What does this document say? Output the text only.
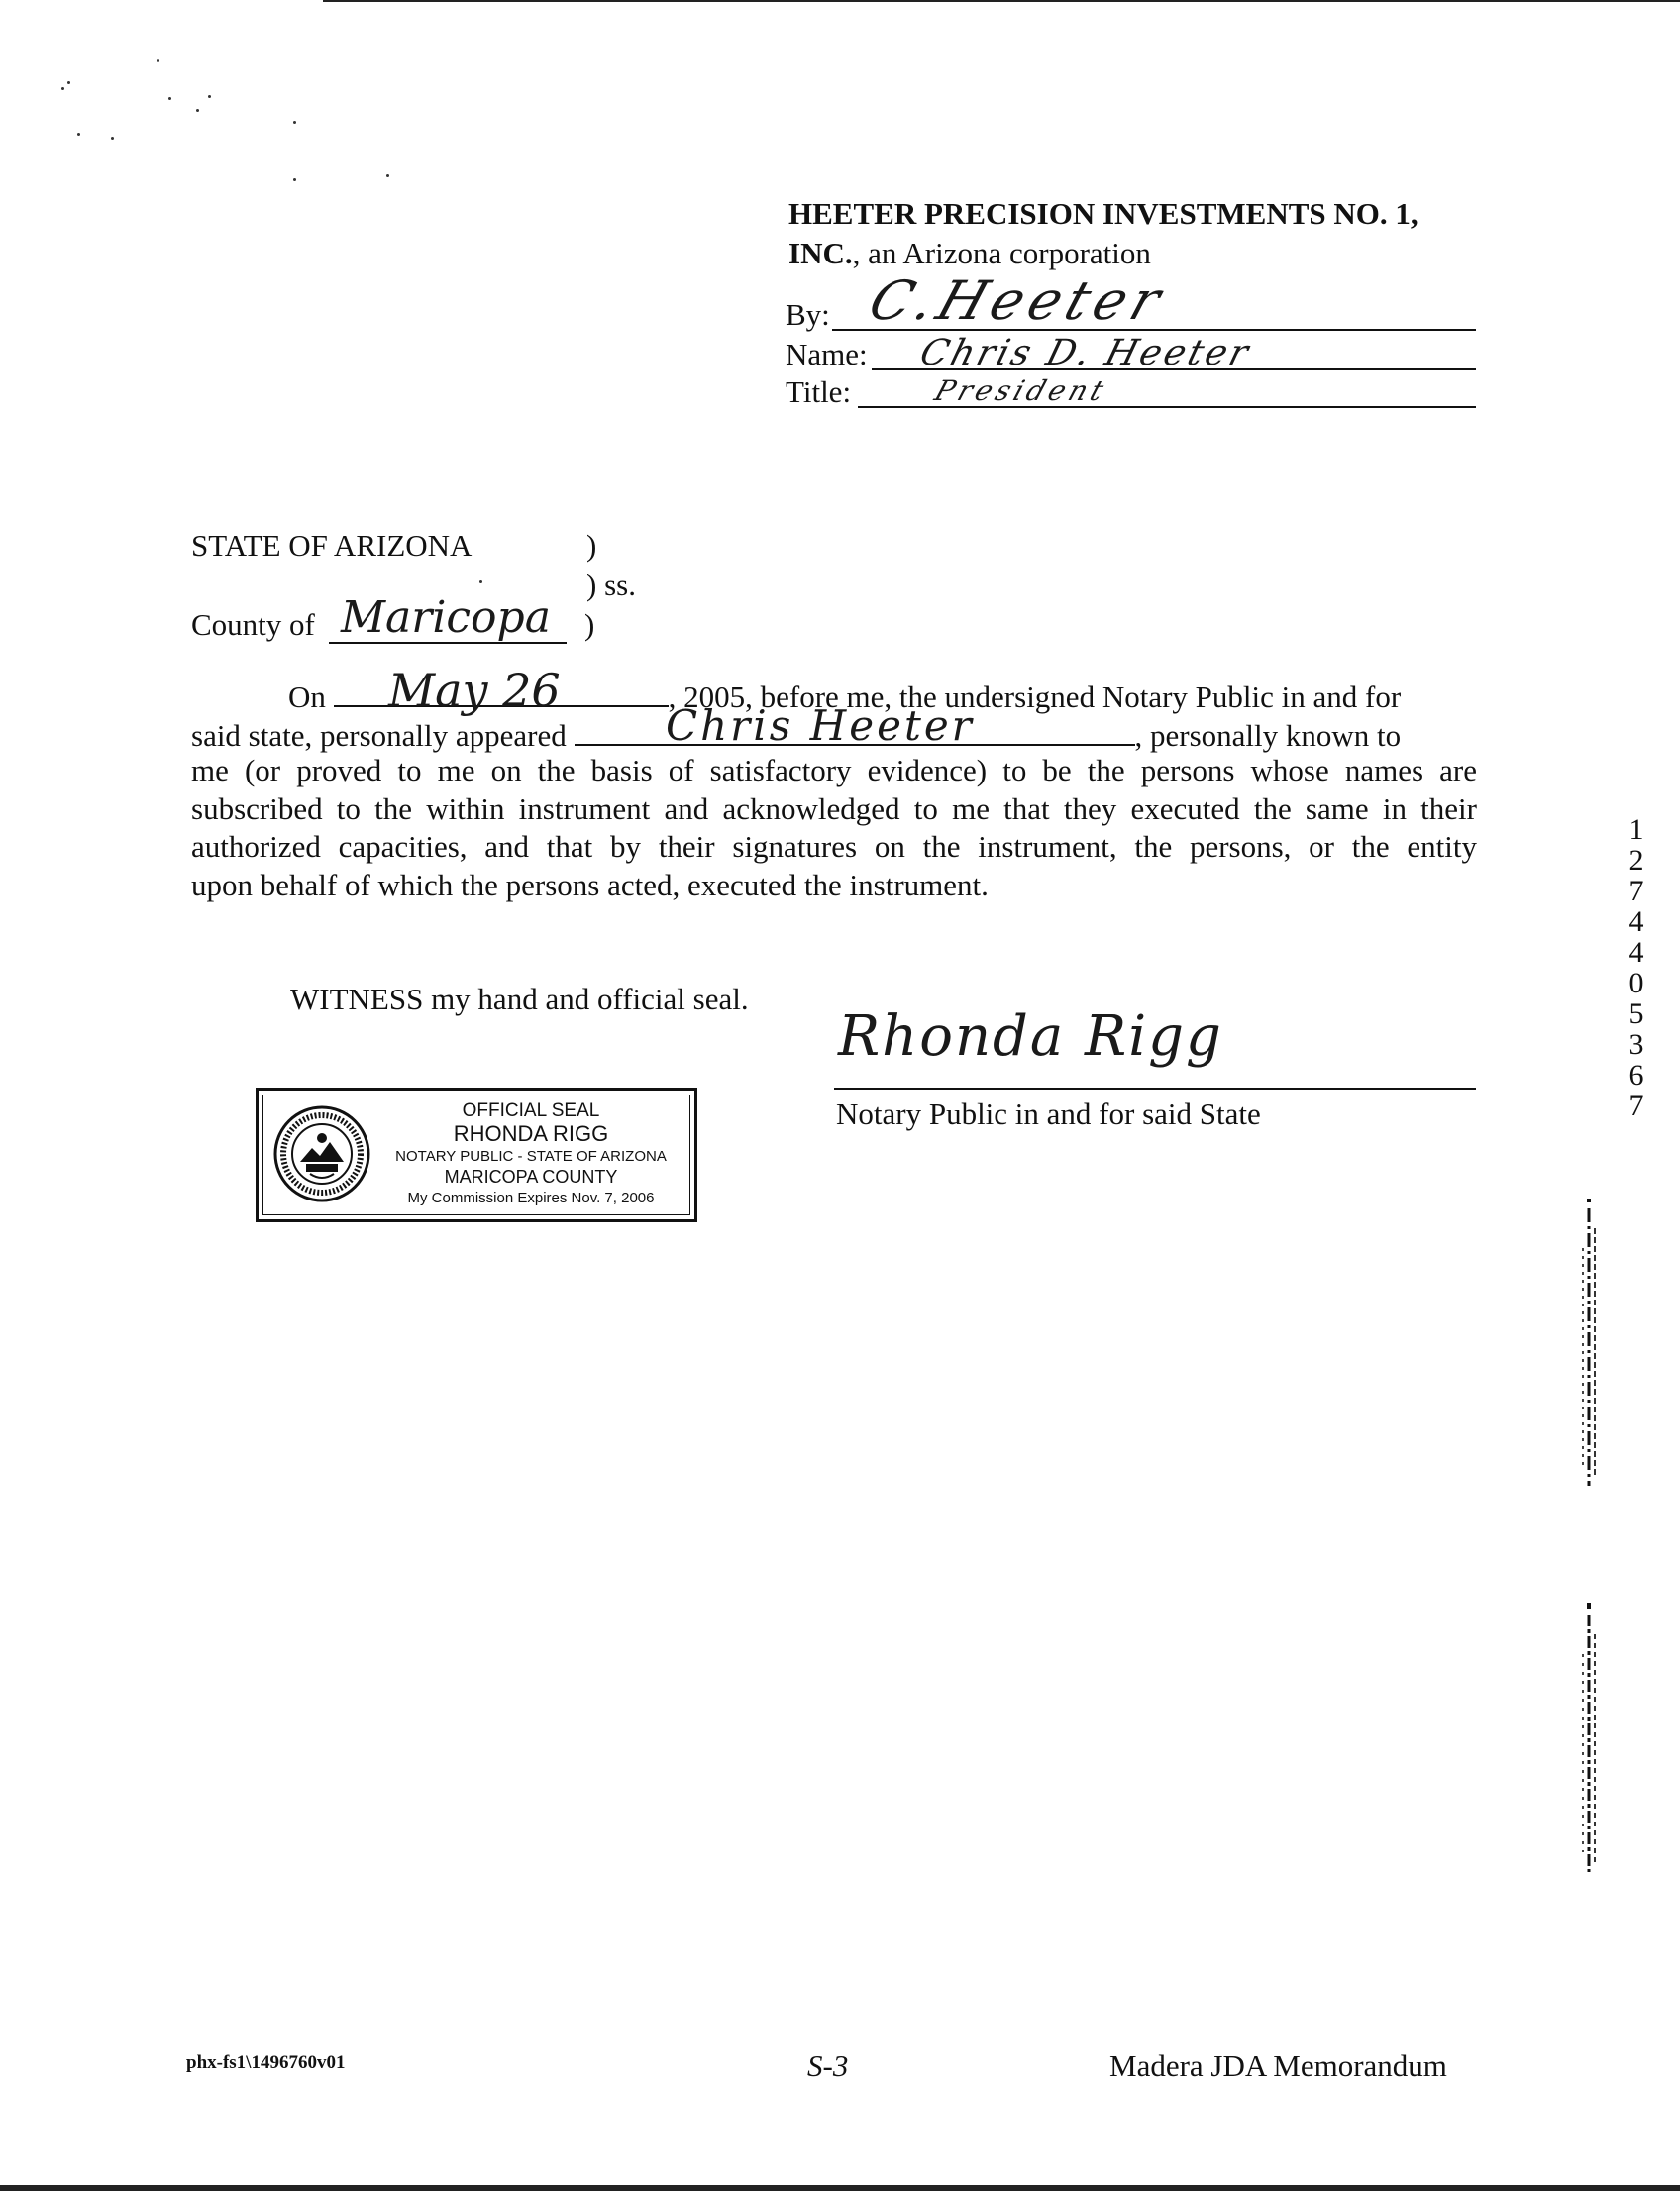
HEETER PRECISION INVESTMENTS NO. 1,
INC., an Arizona corporation
By: C.Heeter
Name: Chris D. Heeter
Title:	President
STATE OF ARIZONA	)
) ss.
County of Maricopa )
On	, 2005, before me, the undersigned Notary Public in and for
said state, personally appeared	, personally known to
me (or proved to me on the basis of satisfactory evidence) to be the persons whose names are
subscribed to the within instrument and acknowledged to me that they executed the same in their
authorized capacities, and that by their signatures on the instrument, the persons, or the entity
upon behalf of which the persons acted, executed the instrument.
May 26
Chris Heeter
WITNESS my hand and official seal.
Rhonda Rigg
Notary Public in and for said State
OFFICIAL SEAL
RHONDA RIGG
NOTARY PUBLIC - STATE OF ARIZONA
MARICOPA COUNTY
My Commission Expires Nov. 7, 2006
1
2
7
4
4
0
5
3
6
7
phx-fs1\1496760v01	S-3	Madera JDA Memorandum
